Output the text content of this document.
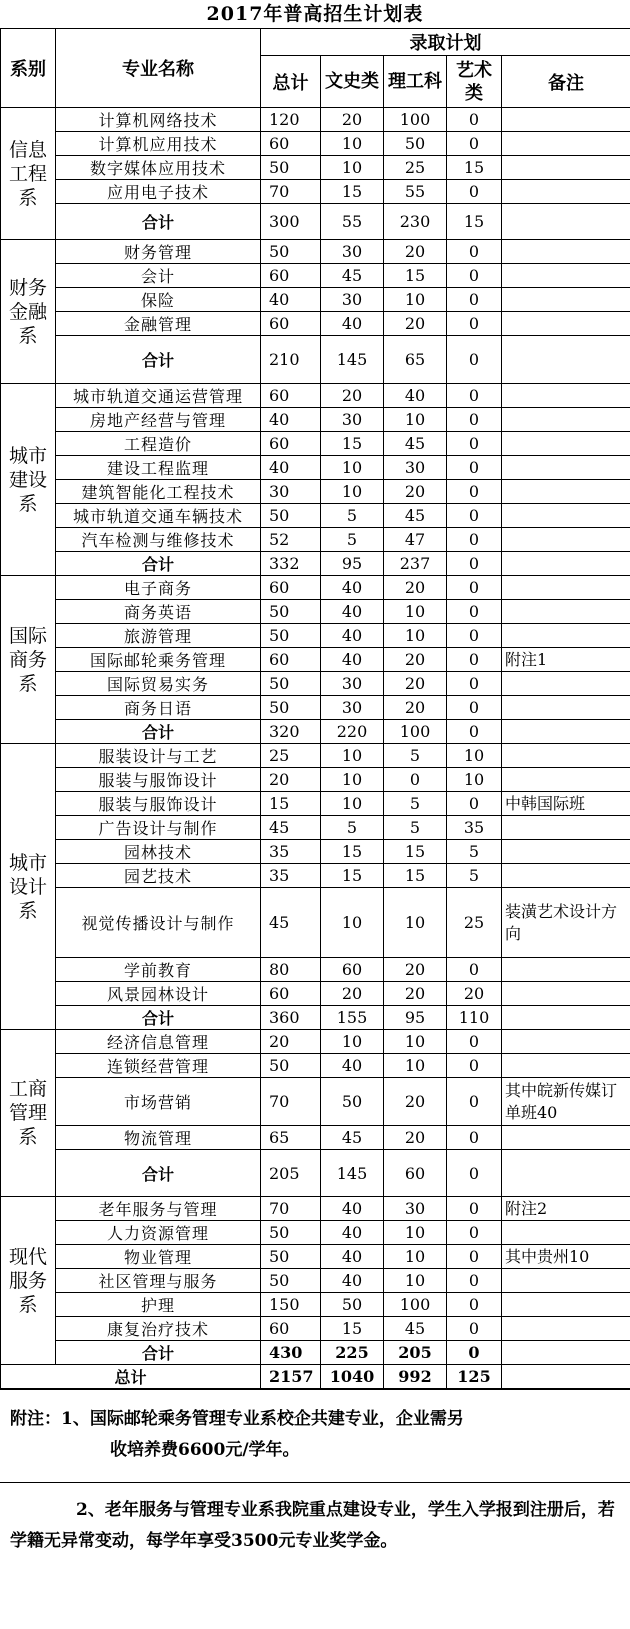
2017年普高招生计划表
系别	专业名称	录取计划				
		总计	文史类	理工科	艺术类	备注
信息工程系	计算机网络技术	120	20	100	0	
	计算机应用技术	60	10	50	0	
	数字媒体应用技术	50	10	25	15	
	应用电子技术	70	15	55	0	
	合计	300	55	230	15	
财务金融系	财务管理	50	30	20	0	
	会计	60	45	15	0	
	保险	40	30	10	0	
	金融管理	60	40	20	0	
	合计	210	145	65	0	
城市建设系	城市轨道交通运营管理	60	20	40	0	
	房地产经营与管理	40	30	10	0	
	工程造价	60	15	45	0	
	建设工程监理	40	10	30	0	
	建筑智能化工程技术	30	10	20	0	
	城市轨道交通车辆技术	50	5	45	0	
	汽车检测与维修技术	52	5	47	0	
	合计	332	95	237	0	
国际商务系	电子商务	60	40	20	0	
	商务英语	50	40	10	0	
	旅游管理	50	40	10	0	
	国际邮轮乘务管理	60	40	20	0	附注1
	国际贸易实务	50	30	20	0	
	商务日语	50	30	20	0	
	合计	320	220	100	0	
城市设计系	服装设计与工艺	25	10	5	10	
	服装与服饰设计	20	10	0	10	
	服装与服饰设计	15	10	5	0	中韩国际班
	广告设计与制作	45	5	5	35	
	园林技术	35	15	15	5	
	园艺技术	35	15	15	5	
	视觉传播设计与制作	45	10	10	25	装潢艺术设计方向
	学前教育	80	60	20	0	
	风景园林设计	60	20	20	20	
	合计	360	155	95	110	
工商管理系	经济信息管理	20	10	10	0	
	连锁经营管理	50	40	10	0	
	市场营销	70	50	20	0	其中皖新传媒订单班40
	物流管理	65	45	20	0	
	合计	205	145	60	0	
现代服务系	老年服务与管理	70	40	30	0	附注2
	人力资源管理	50	40	10	0	
	物业管理	50	40	10	0	其中贵州10
	社区管理与服务	50	40	10	0	
	护理	150	50	100	0	
	康复治疗技术	60	15	45	0	
	合计	430	225	205	0	
总计		2157	1040	992	125	

附注：1、国际邮轮乘务管理专业系校企共建专业，企业需另

收培养费6600元/学年。

2、老年服务与管理专业系我院重点建设专业，学生入学报到注册后，若学籍无异常变动，每学年享受3500元专业奖学金。
